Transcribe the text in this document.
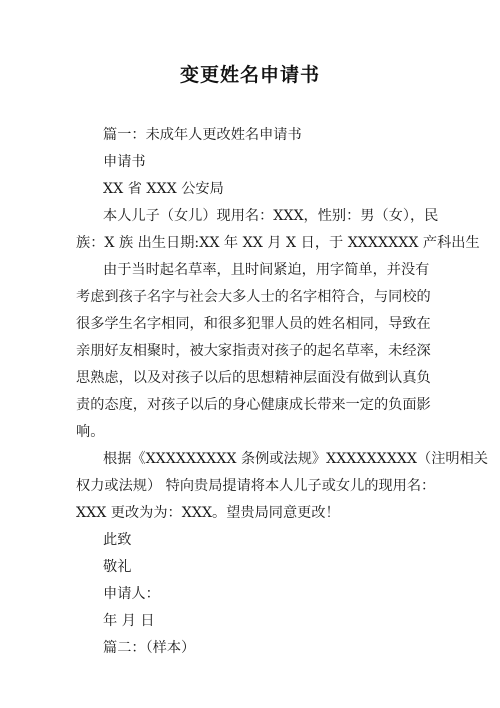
变更姓名申请书
篇一：未成年人更改姓名申请书
申请书
XX 省 XXX 公安局
本人儿子（女儿）现用名：XXX，性别：男（女），民
族：X 族 出生日期:XX 年 XX 月 X 日，于 XXXXXXX 产科出生
由于当时起名草率，且时间紧迫，用字简单，并没有
考虑到孩子名字与社会大多人士的名字相符合，与同校的
很多学生名字相同，和很多犯罪人员的姓名相同，导致在
亲朋好友相聚时，被大家指责对孩子的起名草率，未经深
思熟虑，以及对孩子以后的思想精神层面没有做到认真负
责的态度，对孩子以后的身心健康成长带来一定的负面影
响。
根据《XXXXXXXXX 条例或法规》XXXXXXXXX（注明相关
权力或法规） 特向贵局提请将本人儿子或女儿的现用名：
XXX 更改为为：XXX。望贵局同意更改！
此致
敬礼
申请人：
年 月 日
篇二：（样本）
